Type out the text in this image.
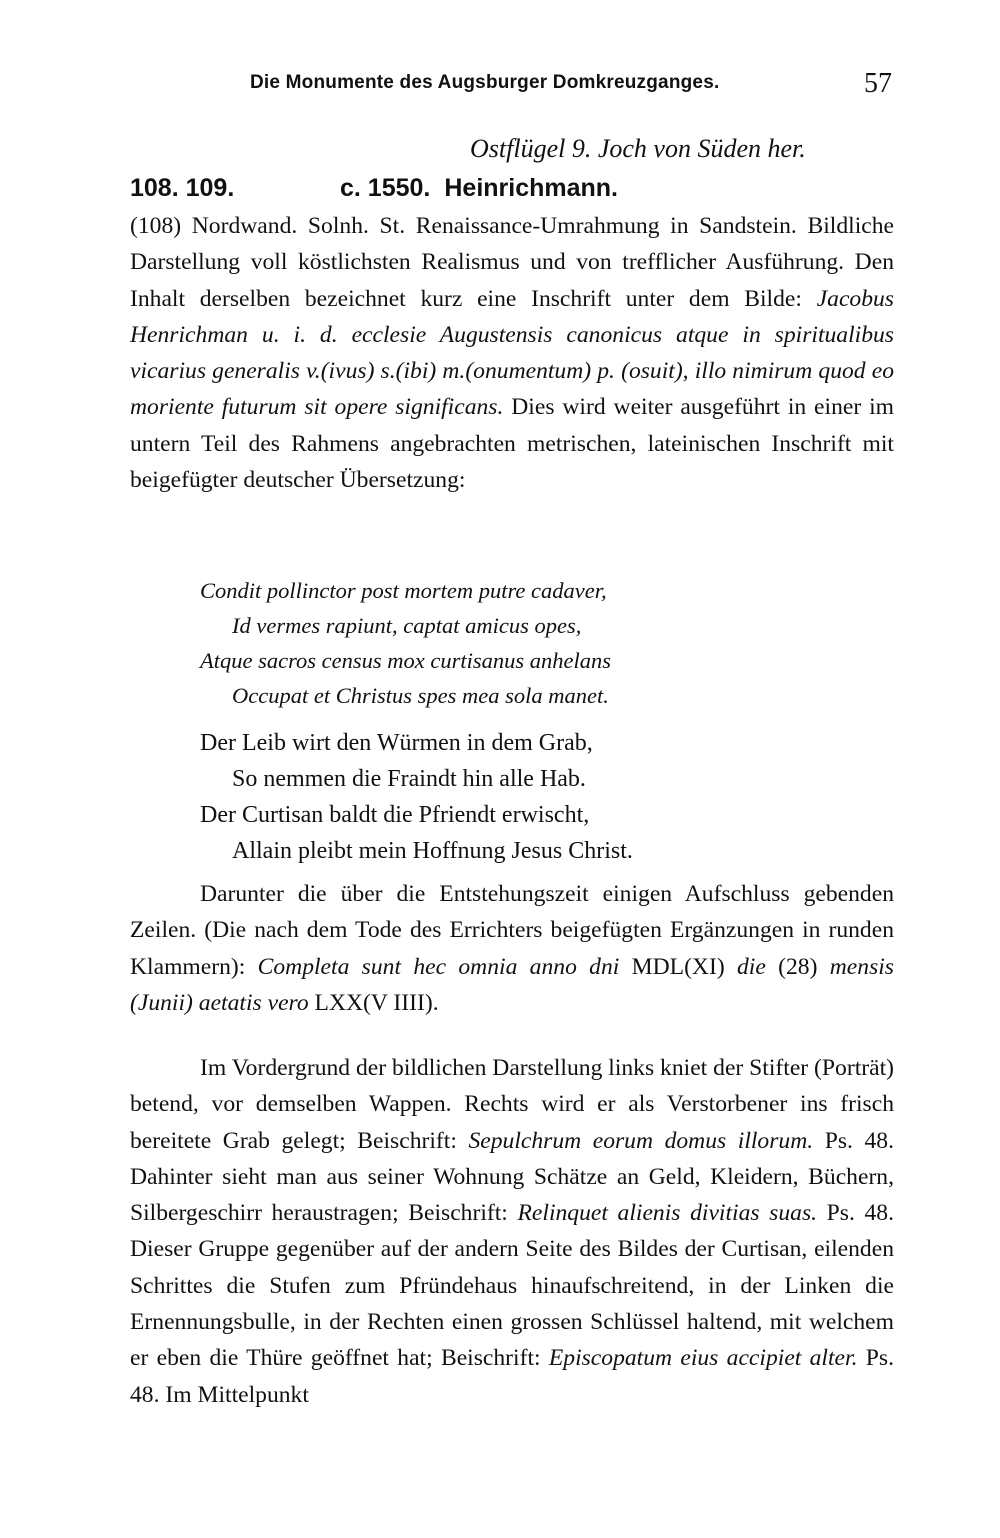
Die Monumente des Augsburger Domkreuzganges.	57
Ostflügel 9. Joch von Süden her.
108. 109.	c. 1550. Heinrichmann.
(108) Nordwand. Solnh. St. Renaissance-Umrahmung in Sandstein. Bildliche Darstellung voll köstlichsten Realismus und von trefflicher Ausführung. Den Inhalt derselben bezeichnet kurz eine Inschrift unter dem Bilde: Jacobus Henrichman u. i. d. ecclesie Augustensis canonicus atque in spiritualibus vicarius generalis v.(ivus) s.(ibi) m.(onumentum) p. (osuit), illo nimirum quod eo moriente futurum sit opere significans. Dies wird weiter ausgeführt in einer im untern Teil des Rahmens angebrachten metrischen, lateinischen Inschrift mit beigefügter deutscher Übersetzung:
Condit pollinctor post mortem putre cadaver,
Id vermes rapiunt, captat amicus opes,
Atque sacros census mox curtisanus anhelans
Occupat et Christus spes mea sola manet.
Der Leib wirt den Würmen in dem Grab,
So nemmen die Fraindt hin alle Hab.
Der Curtisan baldt die Pfriendt erwischt,
Allain pleibt mein Hoffnung Jesus Christ.
Darunter die über die Entstehungszeit einigen Aufschluss gebenden Zeilen. (Die nach dem Tode des Errichters beigefügten Ergänzungen in runden Klammern): Completa sunt hec omnia anno dni MDL(XI) die (28) mensis (Junii) aetatis vero LXX(V IIII).
Im Vordergrund der bildlichen Darstellung links kniet der Stifter (Porträt) betend, vor demselben Wappen. Rechts wird er als Verstorbener ins frisch bereitete Grab gelegt; Beischrift: Sepulchrum eorum domus illorum. Ps. 48. Dahinter sieht man aus seiner Wohnung Schätze an Geld, Kleidern, Büchern, Silbergeschirr heraustragen; Beischrift: Relinquet alienis divitias suas. Ps. 48. Dieser Gruppe gegenüber auf der andern Seite des Bildes der Curtisan, eilenden Schrittes die Stufen zum Pfründehaus hinaufschreitend, in der Linken die Ernennungsbulle, in der Rechten einen grossen Schlüssel haltend, mit welchem er eben die Thüre geöffnet hat; Beischrift: Episcopatum eius accipiet alter. Ps. 48. Im Mittelpunkt
